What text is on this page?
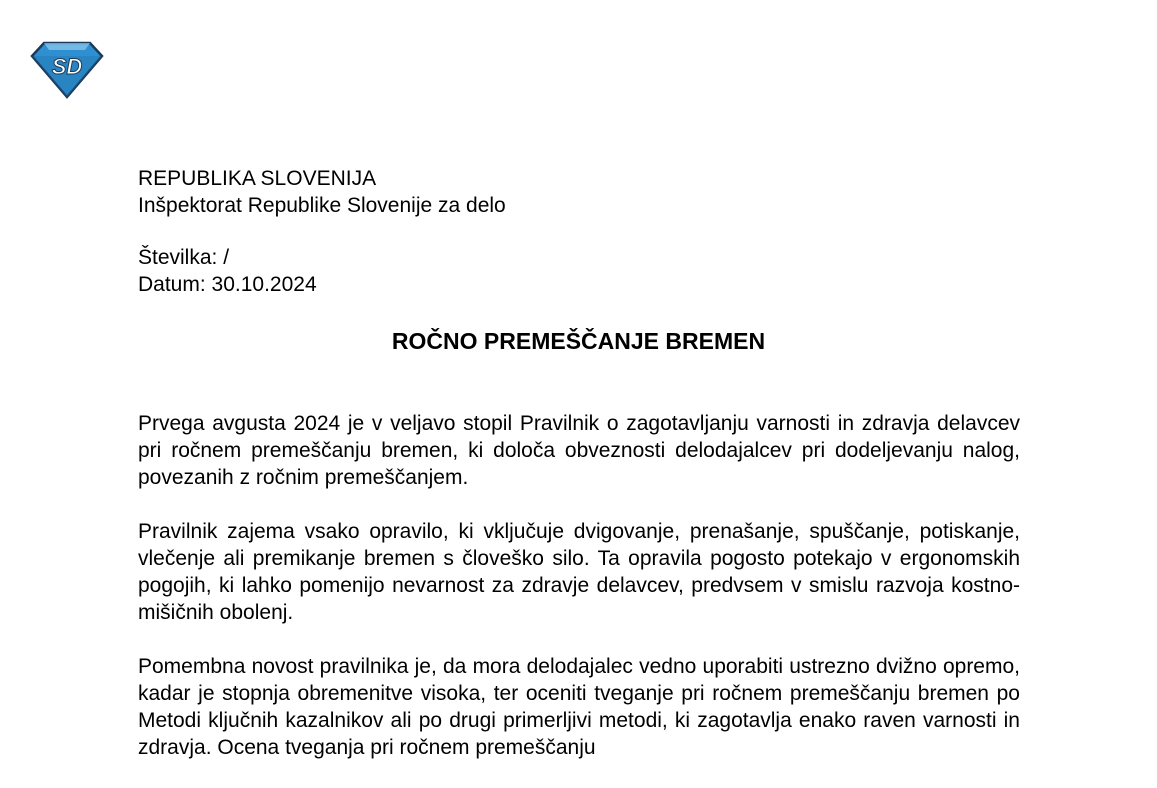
SD
REPUBLIKA SLOVENIJA
Inšpektorat Republike Slovenije za delo
Številka: /
Datum: 30.10.2024
ROČNO PREMEŠČANJE BREMEN

Prvega avgusta 2024 je v veljavo stopil Pravilnik o zagotavljanju varnosti in zdravja delavcev pri ročnem premeščanju bremen, ki določa obveznosti delodajalcev pri dodeljevanju nalog, povezanih z ročnim premeščanjem.

Pravilnik zajema vsako opravilo, ki vključuje dvigovanje, prenašanje, spuščanje, potiskanje, vlečenje ali premikanje bremen s človeško silo. Ta opravila pogosto potekajo v ergonomskih pogojih, ki lahko pomenijo nevarnost za zdravje delavcev, predvsem v smislu razvoja kostno-mišičnih obolenj.

Pomembna novost pravilnika je, da mora delodajalec vedno uporabiti ustrezno dvižno opremo, kadar je stopnja obremenitve visoka, ter oceniti tveganje pri ročnem premeščanju bremen po Metodi ključnih kazalnikov ali po drugi primerljivi metodi, ki zagotavlja enako raven varnosti in zdravja. Ocena tveganja pri ročnem premeščanju
